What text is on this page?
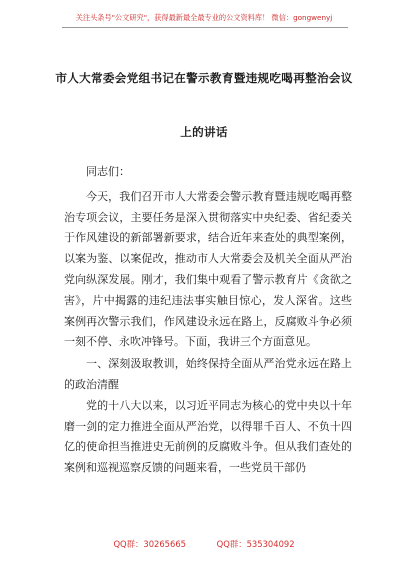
关注头条号"公文研究"，获得最新最全最专业的公文资料库！ 微信：gongwenyj
市人大常委会党组书记在警示教育暨违规吃喝再整治会议
上的讲话

同志们：

今天，我们召开市人大常委会警示教育暨违规吃喝再整治专项会议，主要任务是深入贯彻落实中央纪委、省纪委关于作风建设的新部署新要求，结合近年来查处的典型案例，以案为鉴、以案促改，推动市人大常委会及机关全面从严治党向纵深发展。刚才，我们集中观看了警示教育片《贪欲之害》，片中揭露的违纪违法事实触目惊心，发人深省。这些案例再次警示我们，作风建设永远在路上，反腐败斗争必须一刻不停、永吹冲锋号。下面，我讲三个方面意见。

一、深刻汲取教训，始终保持全面从严治党永远在路上的政治清醒

党的十八大以来，以习近平同志为核心的党中央以十年磨一剑的定力推进全面从严治党，以得罪千百人、不负十四亿的使命担当推进史无前例的反腐败斗争。但从我们查处的案例和巡视巡察反馈的问题来看，一些党员干部仍

QQ群：30265665	QQ群：535304092
